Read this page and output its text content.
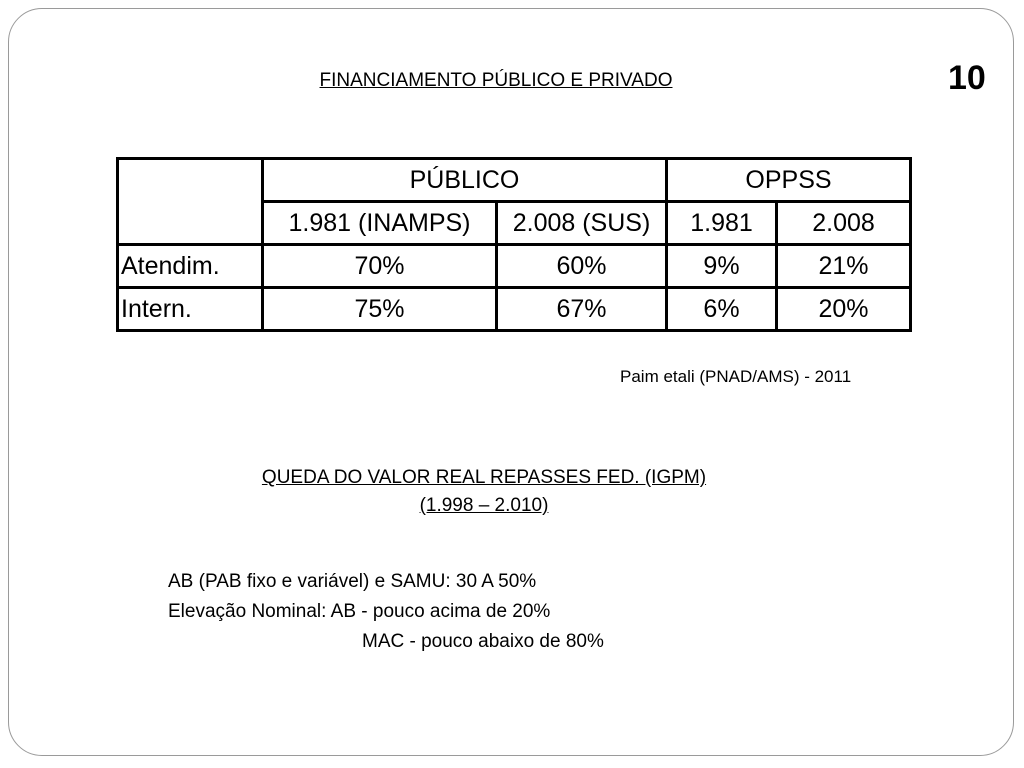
10
FINANCIAMENTO PÚBLICO E PRIVADO
	PÚBLICO		OPPSS	
	1.981 (INAMPS)	2.008 (SUS)	1.981	2.008
Atendim.	70%	60%	9%	21%
Intern.	75%	67%	6%	20%
Paim etali (PNAD/AMS) - 2011
QUEDA DO VALOR REAL REPASSES FED. (IGPM)
(1.998 – 2.010)
AB (PAB fixo e variável) e SAMU: 30 A 50%
Elevação Nominal: AB - pouco acima de 20%
MAC - pouco abaixo de 80%
